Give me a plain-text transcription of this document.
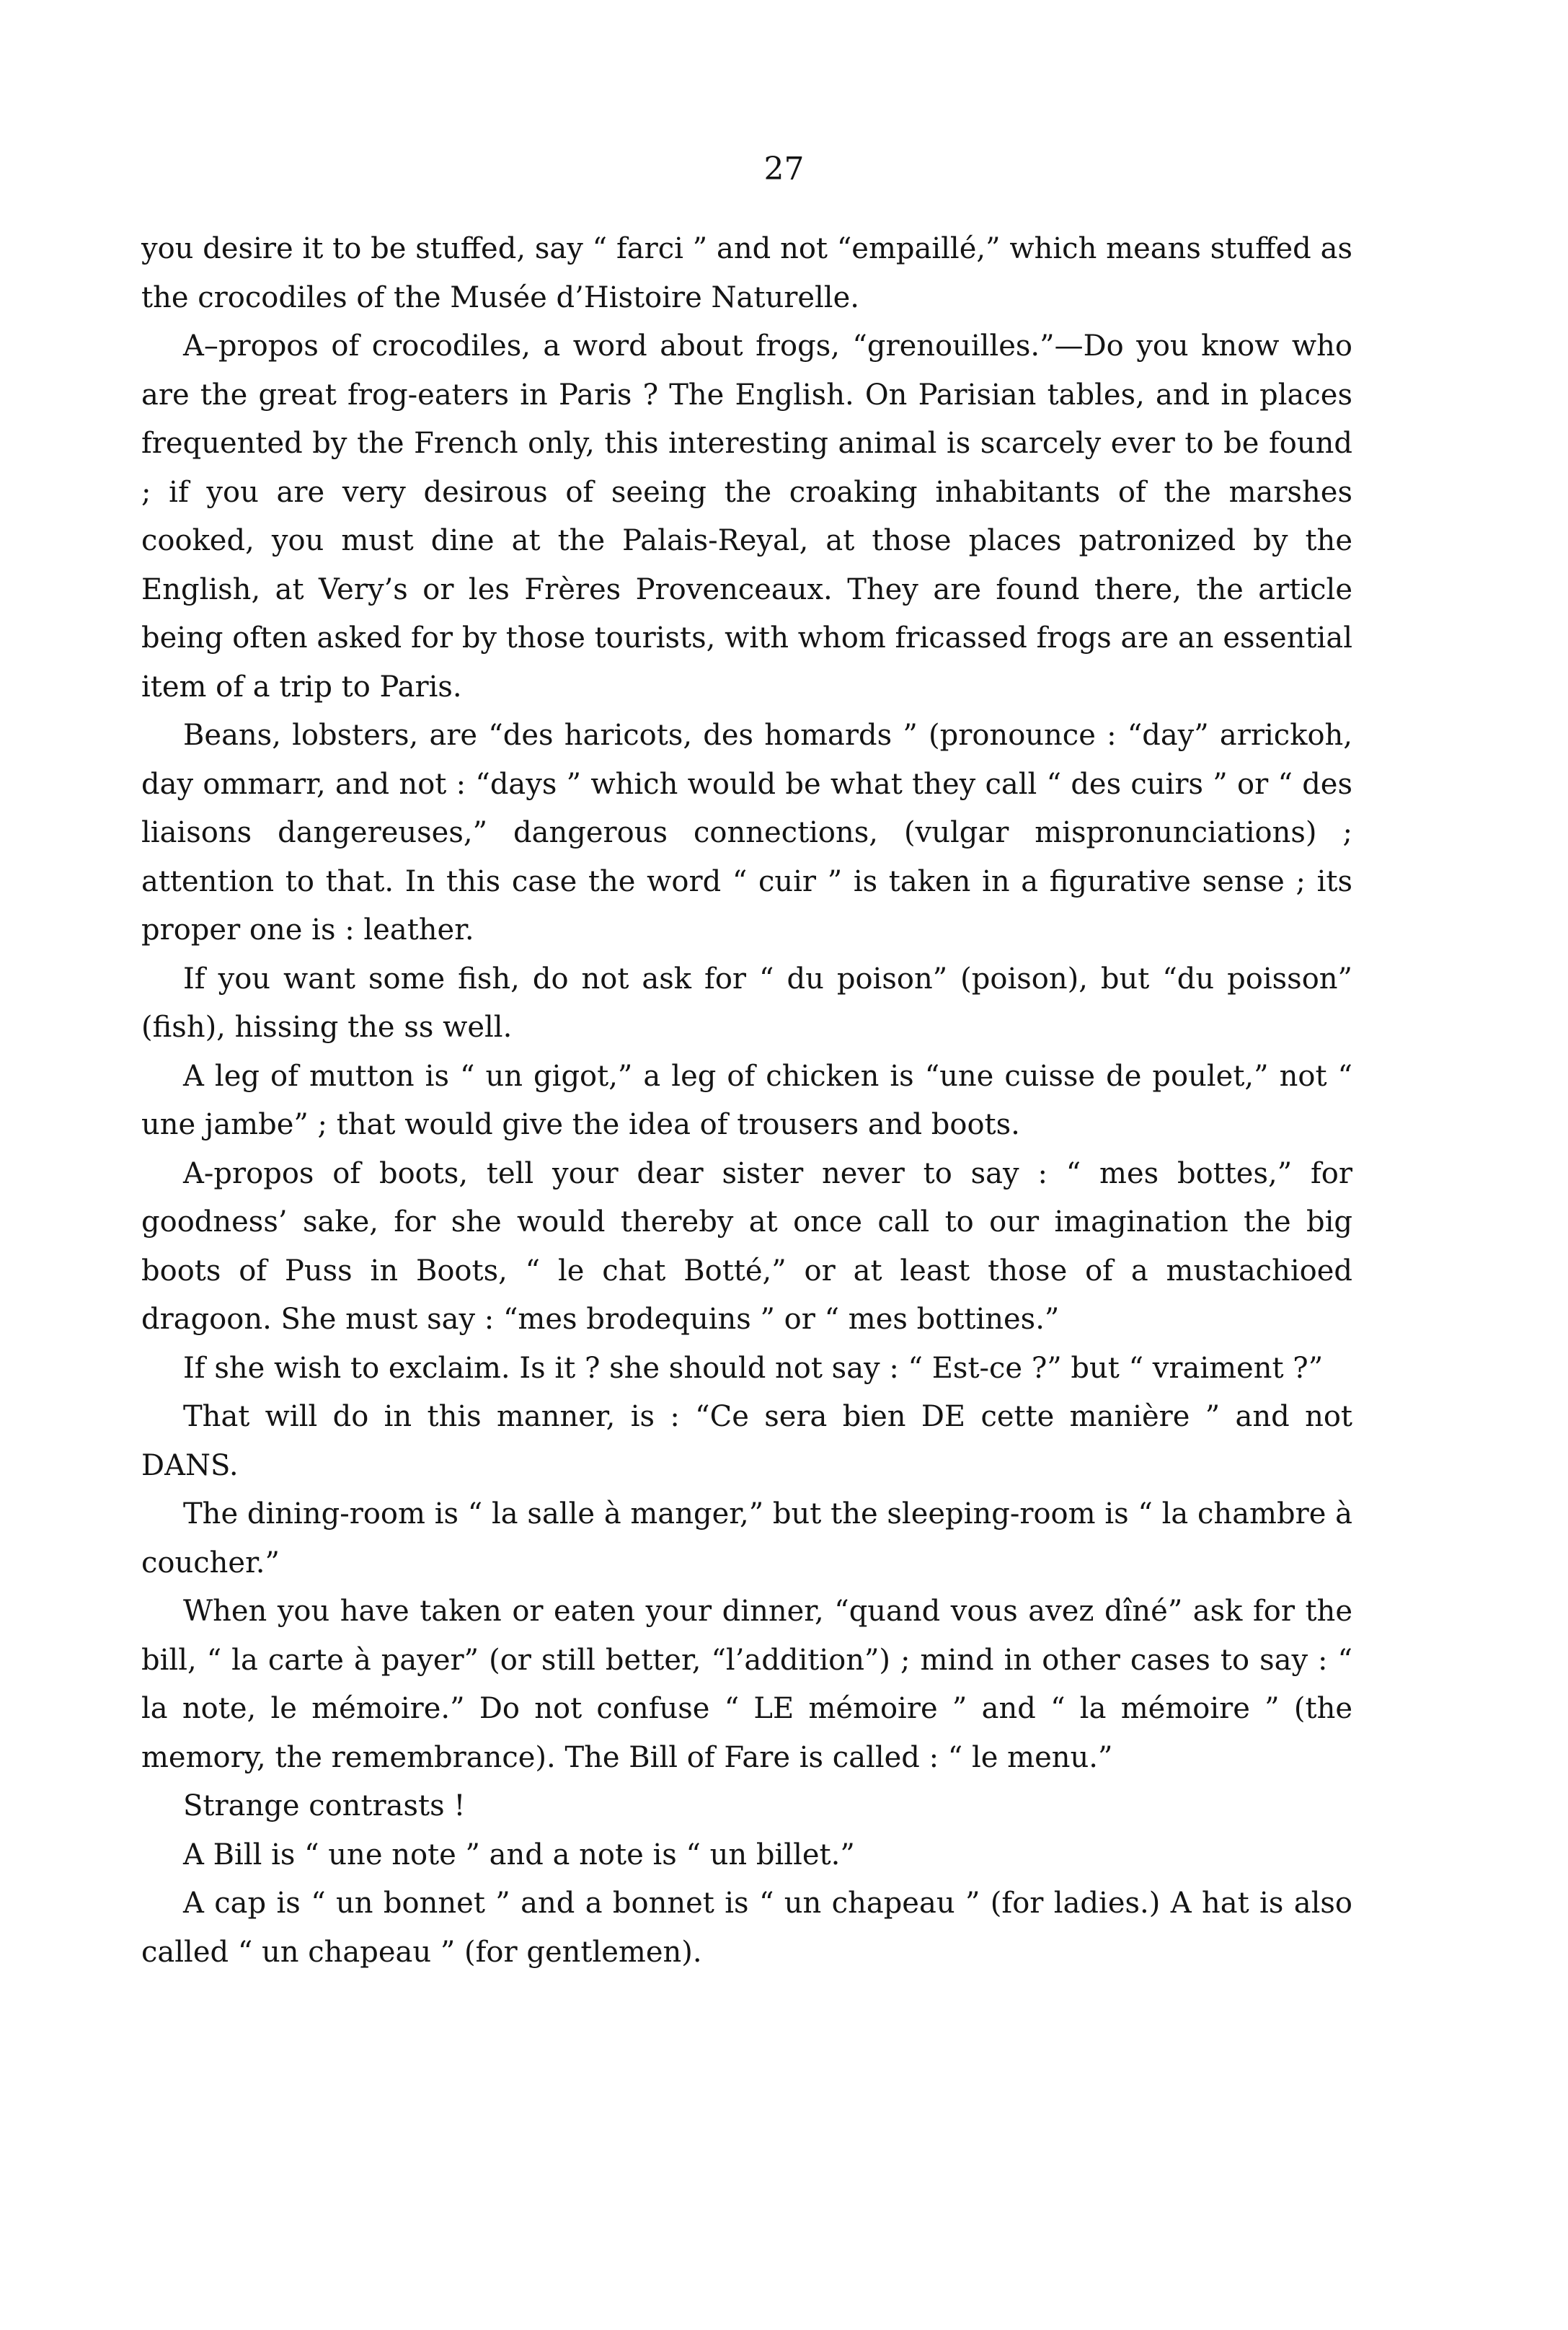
27

you desire it to be stuffed, say “ farci ” and not “empaillé,” which means stuffed as the crocodiles of the Musée d’Histoire Naturelle.

A–propos of crocodiles, a word about frogs, “grenouilles.”—Do you know who are the great frog-eaters in Paris ? The English. On Parisian tables, and in places frequented by the French only, this interesting animal is scarcely ever to be found ; if you are very desirous of seeing the croaking inhabitants of the marshes cooked, you must dine at the Palais-Reyal, at those places patronized by the English, at Very’s or les Frères Provenceaux. They are found there, the article being often asked for by those tourists, with whom fricassed frogs are an essential item of a trip to Paris.

Beans, lobsters, are “des haricots, des homards ” (pronounce : “day” arrickoh, day ommarr, and not : “days ” which would be what they call “ des cuirs ” or “ des liaisons dangereuses,” dangerous connections, (vulgar mispronunciations) ; attention to that. In this case the word “ cuir ” is taken in a figurative sense ; its proper one is : leather.

If you want some fish, do not ask for “ du poison” (poison), but “du poisson” (fish), hissing the ss well.

A leg of mutton is “ un gigot,” a leg of chicken is “une cuisse de poulet,” not “ une jambe” ; that would give the idea of trousers and boots.

A-propos of boots, tell your dear sister never to say : “ mes bottes,” for goodness’ sake, for she would thereby at once call to our imagination the big boots of Puss in Boots, “ le chat Botté,” or at least those of a mustachioed dragoon. She must say : “mes brodequins ” or “ mes bottines.”

If she wish to exclaim. Is it ? she should not say : “ Est-ce ?” but “ vraiment ?”

That will do in this manner, is : “Ce sera bien DE cette manière ” and not DANS.

The dining-room is “ la salle à manger,” but the sleeping-room is “ la chambre à coucher.”

When you have taken or eaten your dinner, “quand vous avez dîné” ask for the bill, “ la carte à payer” (or still better, “l’addition”) ; mind in other cases to say : “ la note, le mémoire.” Do not confuse “ LE mémoire ” and “ la mémoire ” (the memory, the remembrance). The Bill of Fare is called : “ le menu.”

Strange contrasts !

A Bill is “ une note ” and a note is “ un billet.”

A cap is “ un bonnet ” and a bonnet is “ un chapeau ” (for ladies.) A hat is also called “ un chapeau ” (for gentlemen).
